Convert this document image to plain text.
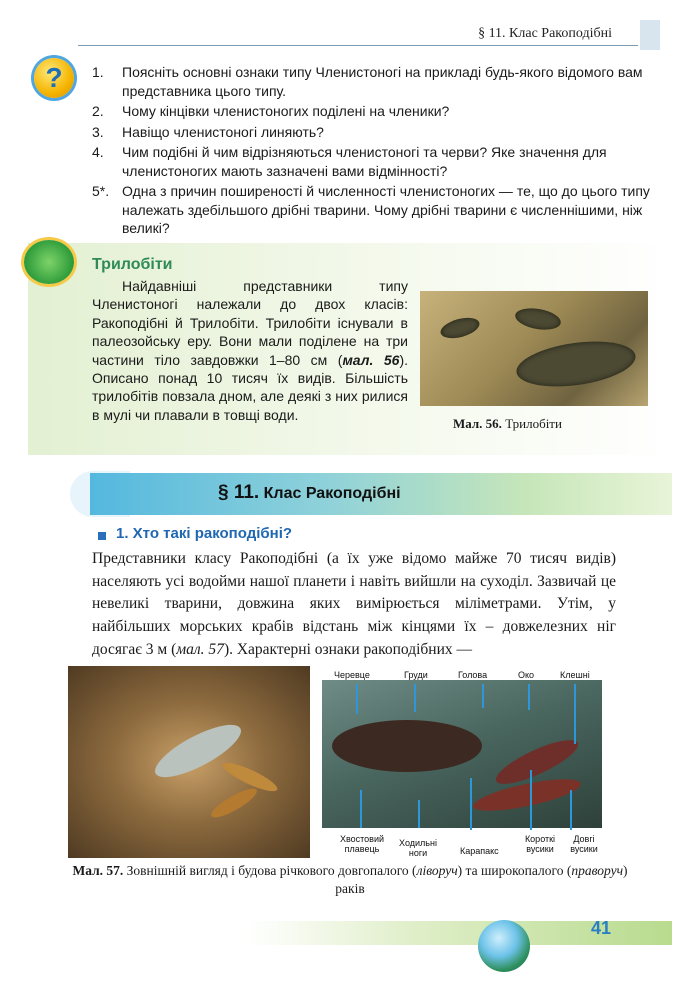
§ 11. Клас Ракоподібні
? 1. Поясніть основні ознаки типу Членистоногі на прикладі будь-якого відомого вам представника цього типу.
2. Чому кінцівки членистоногих поділені на членики?
3. Навіщо членистоногі линяють?
4. Чим подібні й чим відрізняються членистоногі та черви? Яке значення для членистоногих мають зазначені вами відмінності?
5*. Одна з причин поширеності й численності членистоногих — те, що до цього типу належать здебільшого дрібні тварини. Чому дрібні тварини є численнішими, ніж великі?
Трилобіти
Найдавніші представники типу Членистоногі належали до двох класів: Ракоподібні й Трилобіти. Трилобіти існували в палеозойську еру. Вони мали поділене на три частини тіло завдовжки 1–80 см (мал. 56). Описано понад 10 тисяч їх видів. Більшість трилобітів повзала дном, але деякі з них рилися в мулі чи плавали в товщі води.
Мал. 56. Трилобіти
§ 11. Клас Ракоподібні
1. Хто такі ракоподібні?
Представники класу Ракоподібні (а їх уже відомо майже 70 тисяч видів) населяють усі водойми нашої планети і навіть вийшли на суходіл. Зазвичай це невеликі тварини, довжина яких вимірюється міліметрами. Утім, у найбільших морських крабів відстань між кінцями їх – довжелезних ніг досягає 3 м (мал. 57). Характерні ознаки ракоподібних —
Черевце	Груди	Голова	Око	Клешні
Хвостовий плавець
Ходильні ноги	Карапакс
Короткі вусики
Довгі вусики
Мал. 57. Зовнішній вигляд і будова річкового довгопалого (ліворуч) та широкопалого (праворуч) раків
41
